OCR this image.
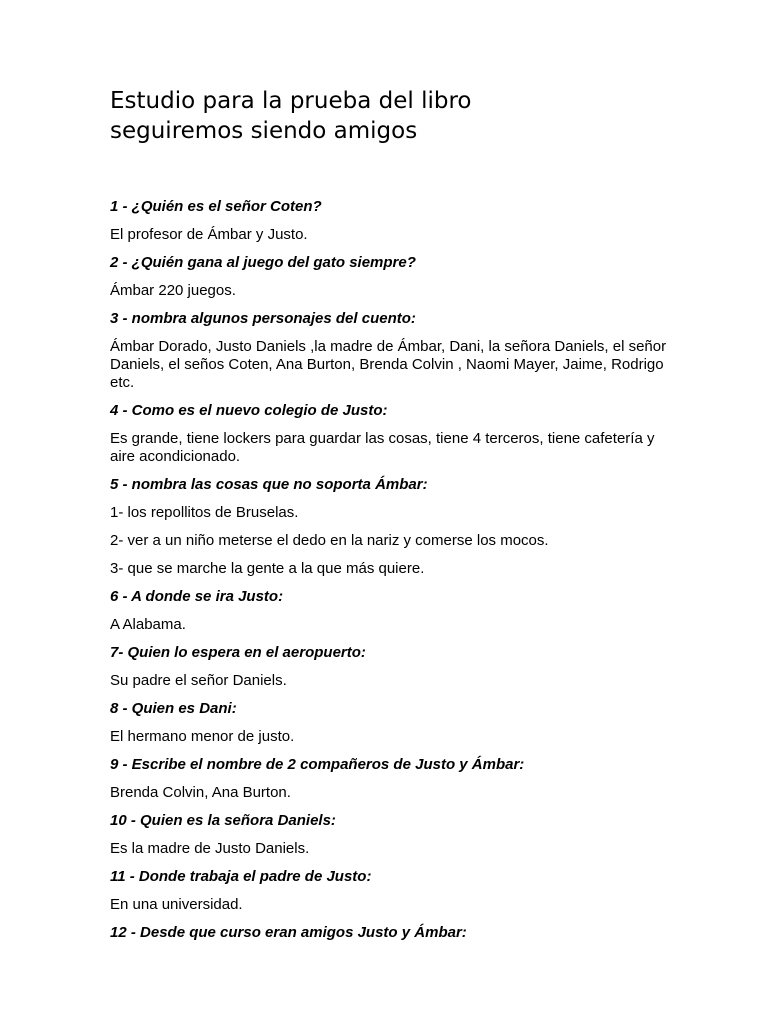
Estudio para la prueba del libro
seguiremos siendo amigos

1 - ¿Quién es el señor Coten?

El profesor de Ámbar y Justo.

2 - ¿Quién gana al juego del gato siempre?

Ámbar 220 juegos.

3 - nombra algunos personajes del cuento:

Ámbar Dorado, Justo Daniels ,la madre de Ámbar, Dani, la señora Daniels, el señor Daniels, el seños Coten, Ana Burton, Brenda Colvin , Naomi Mayer, Jaime, Rodrigo etc.

4 - Como es el nuevo colegio de Justo:

Es grande, tiene lockers para guardar las cosas, tiene 4 terceros, tiene cafetería y aire acondicionado.

5 - nombra las cosas que no soporta Ámbar:

1- los repollitos de Bruselas.

2- ver a un niño meterse el dedo en la nariz y comerse los mocos.

3- que se marche la gente a la que más quiere.

6 - A donde se ira Justo:

A Alabama.

7- Quien lo espera en el aeropuerto:

Su padre el señor Daniels.

8 - Quien es Dani:

El hermano menor de justo.

9 - Escribe el nombre de 2 compañeros de Justo y Ámbar:

Brenda Colvin, Ana Burton.

10 - Quien es la señora Daniels:

Es la madre de Justo Daniels.

11 - Donde trabaja el padre de Justo:

En una universidad.

12 - Desde que curso eran amigos Justo y Ámbar:
